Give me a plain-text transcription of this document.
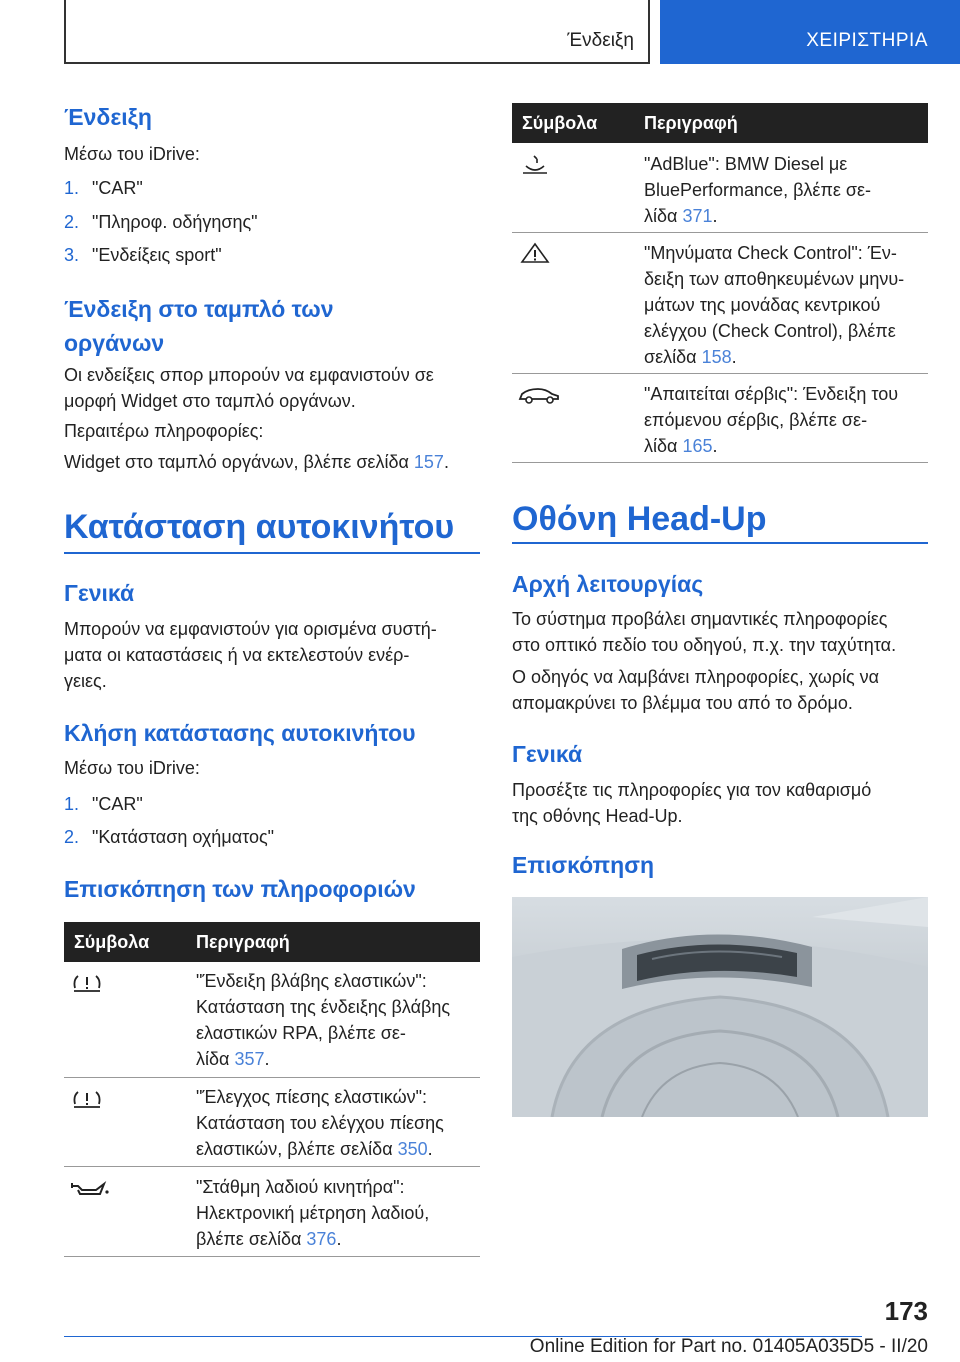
Ένδειξη	ΧΕΙΡΙΣΤΗΡΙΑ
Ένδειξη
Μέσω του iDrive:
1. "CAR"
2. "Πληροφ. οδήγησης"
3. "Ενδείξεις sport"
Ένδειξη στο ταμπλό των οργάνων
Οι ενδείξεις σπορ μπορούν να εμφανιστούν σε
μορφή Widget στο ταμπλό οργάνων.
Περαιτέρω πληροφορίες:
Widget στο ταμπλό οργάνων, βλέπε σελίδα 157.
Κατάσταση αυτοκινήτου
Γενικά
Μπορούν να εμφανιστούν για ορισμένα συστή-
ματα οι καταστάσεις ή να εκτελεστούν ενέρ-
γειες.
Κλήση κατάστασης αυτοκινήτου
Μέσω του iDrive:
1. "CAR"
2. "Κατάσταση οχήματος"
Επισκόπηση των πληροφοριών
Σύμβολα	Περιγραφή
"Ένδειξη βλάβης ελαστικών":
Κατάσταση της ένδειξης βλάβης
ελαστικών RPA, βλέπε σε-
λίδα 357.
"Έλεγχος πίεσης ελαστικών":
Κατάσταση του ελέγχου πίεσης
ελαστικών, βλέπε σελίδα 350.
"Στάθμη λαδιού κινητήρα":
Ηλεκτρονική μέτρηση λαδιού,
βλέπε σελίδα 376.
Σύμβολα	Περιγραφή
"AdBlue": BMW Diesel με
BluePerformance, βλέπε σε-
λίδα 371.
"Μηνύματα Check Control": Έν-
δειξη των αποθηκευμένων μηνυ-
μάτων της μονάδας κεντρικού
ελέγχου (Check Control), βλέπε
σελίδα 158.
"Απαιτείται σέρβις": Ένδειξη του
επόμενου σέρβις, βλέπε σε-
λίδα 165.
Οθόνη Head-Up
Αρχή λειτουργίας
Το σύστημα προβάλει σημαντικές πληροφορίες
στο οπτικό πεδίο του οδηγού, π.χ. την ταχύτητα.
Ο οδηγός να λαμβάνει πληροφορίες, χωρίς να
απομακρύνει το βλέμμα του από το δρόμο.
Γενικά
Προσέξτε τις πληροφορίες για τον καθαρισμό
της οθόνης Head-Up.
Επισκόπηση
173
Online Edition for Part no. 01405A035D5 - II/20
